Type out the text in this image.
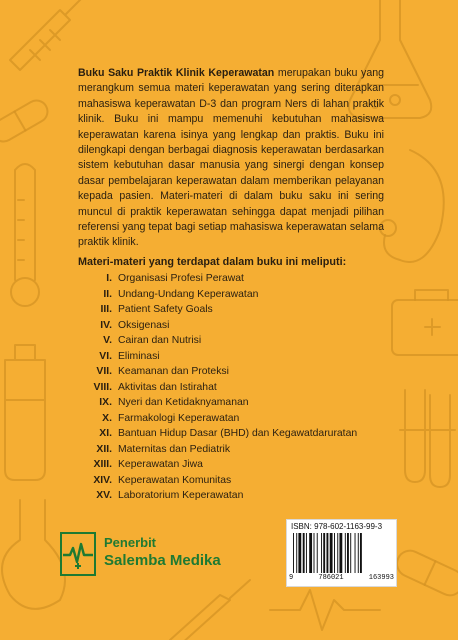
Buku Saku Praktik Klinik Keperawatan merupakan buku yang merangkum semua materi keperawatan yang sering diterapkan mahasiswa keperawatan D-3 dan program Ners di lahan praktik klinik. Buku ini mampu memenuhi kebutuhan mahasiswa keperawatan karena isinya yang lengkap dan praktis. Buku ini dilengkapi dengan berbagai diagnosis keperawatan berdasarkan sistem kebutuhan dasar manusia yang sinergi dengan konsep dasar pembelajaran keperawatan dalam memberikan pelayanan kepada pasien. Materi-materi di dalam buku saku ini sering muncul di praktik keperawatan sehingga dapat menjadi pilihan referensi yang tepat bagi setiap mahasiswa keperawatan selama praktik klinik.

Materi-materi yang terdapat dalam buku ini meliputi:

I. Organisasi Profesi Perawat
II. Undang-Undang Keperawatan
III. Patient Safety Goals
IV. Oksigenasi
V. Cairan dan Nutrisi
VI. Eliminasi
VII. Keamanan dan Proteksi
VIII. Aktivitas dan Istirahat
IX. Nyeri dan Ketidaknyamanan
X. Farmakologi Keperawatan
XI. Bantuan Hidup Dasar (BHD) dan Kegawatdaruratan
XII. Maternitas dan Pediatrik
XIII. Keperawatan Jiwa
XIV. Keperawatan Komunitas
XV. Laboratorium Keperawatan
Penerbit
Salemba Medika
ISBN: 978-602-1163-99-3
9	786021	163993
